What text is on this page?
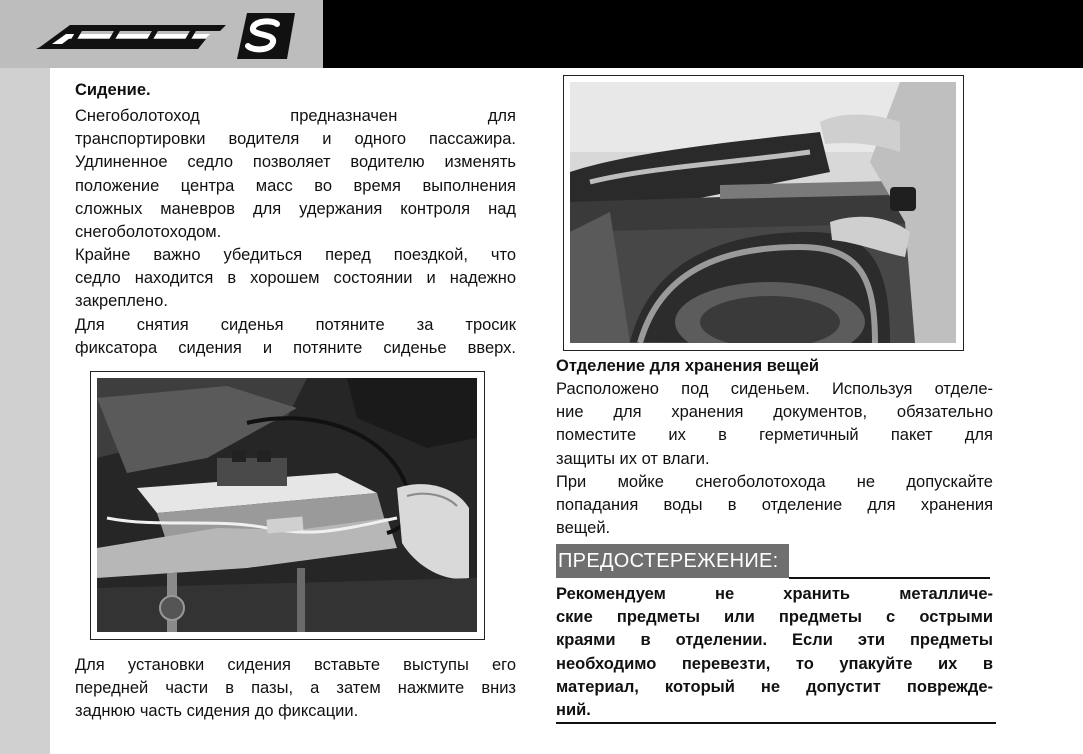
Сидение.
Снегоболотоход предназначен для
транспортировки водителя и одного пассажира.
Удлиненное седло позволяет водителю изменять
положение центра масс во время выполнения
сложных маневров для удержания контроля над
снегоболотоходом.
Крайне важно убедиться перед поездкой, что
седло находится в хорошем состоянии и надежно
закреплено.
Для снятия сиденья потяните за тросик
фиксатора сидения и потяните сиденье вверх.
Для установки сидения вставьте выступы его
передней части в пазы, а затем нажмите вниз
заднюю часть сидения до фиксации.
Отделение для хранения вещей
Расположено под сиденьем. Используя отделе-
ние для хранения документов, обязательно
поместите их в герметичный пакет для
защиты их от влаги.
При мойке снегоболотохода не допускайте
попадания воды в отделение для хранения
вещей.
ПРЕДОСТЕРЕЖЕНИЕ:
Рекомендуем не хранить металличе-
ские предметы или предметы с острыми
краями в отделении. Если эти предметы
необходимо перевезти, то упакуйте их в
материал, который не допустит поврежде-
ний.
